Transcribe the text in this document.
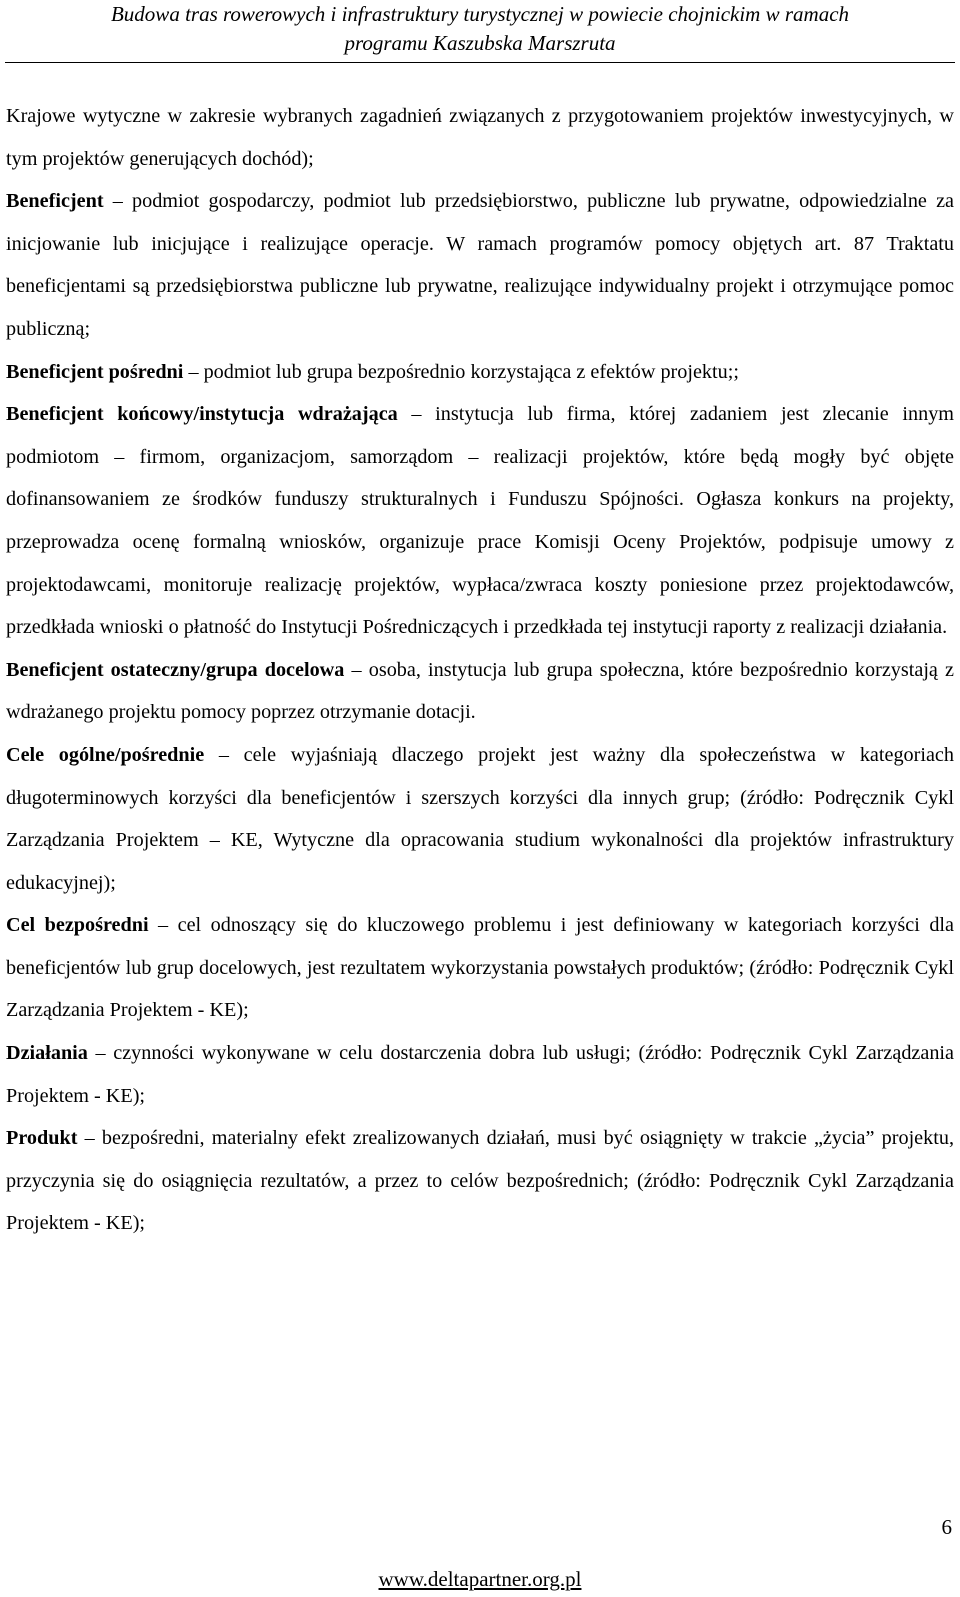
Budowa tras rowerowych i infrastruktury turystycznej w powiecie chojnickim w ramach
programu Kaszubska Marszruta

Krajowe wytyczne w zakresie wybranych zagadnień związanych z przygotowaniem projektów inwestycyjnych, w tym projektów generujących dochód);

Beneficjent – podmiot gospodarczy, podmiot lub przedsiębiorstwo, publiczne lub prywatne, odpowiedzialne za inicjowanie lub inicjujące i realizujące operacje. W ramach programów pomocy objętych art. 87 Traktatu beneficjentami są przedsiębiorstwa publiczne lub prywatne, realizujące indywidualny projekt i otrzymujące pomoc publiczną;

Beneficjent pośredni – podmiot lub grupa bezpośrednio korzystająca z efektów projektu;;

Beneficjent końcowy/instytucja wdrażająca – instytucja lub firma, której zadaniem jest zlecanie innym podmiotom – firmom, organizacjom, samorządom – realizacji projektów, które będą mogły być objęte dofinansowaniem ze środków funduszy strukturalnych i Funduszu Spójności. Ogłasza konkurs na projekty, przeprowadza ocenę formalną wniosków, organizuje prace Komisji Oceny Projektów, podpisuje umowy z projektodawcami, monitoruje realizację projektów, wypłaca/zwraca koszty poniesione przez projektodawców, przedkłada wnioski o płatność do Instytucji Pośredniczących i przedkłada tej instytucji raporty z realizacji działania.

Beneficjent ostateczny/grupa docelowa – osoba, instytucja lub grupa społeczna, które bezpośrednio korzystają z wdrażanego projektu pomocy poprzez otrzymanie dotacji.

Cele ogólne/pośrednie – cele wyjaśniają dlaczego projekt jest ważny dla społeczeństwa w kategoriach długoterminowych korzyści dla beneficjentów i szerszych korzyści dla innych grup; (źródło: Podręcznik Cykl Zarządzania Projektem – KE, Wytyczne dla opracowania studium wykonalności dla projektów infrastruktury edukacyjnej);

Cel bezpośredni – cel odnoszący się do kluczowego problemu i jest definiowany w kategoriach korzyści dla beneficjentów lub grup docelowych, jest rezultatem wykorzystania powstałych produktów; (źródło: Podręcznik Cykl Zarządzania Projektem - KE);

Działania – czynności wykonywane w celu dostarczenia dobra lub usługi; (źródło: Podręcznik Cykl Zarządzania Projektem - KE);

Produkt – bezpośredni, materialny efekt zrealizowanych działań, musi być osiągnięty w trakcie „życia” projektu, przyczynia się do osiągnięcia rezultatów, a przez to celów bezpośrednich; (źródło: Podręcznik Cykl Zarządzania Projektem - KE);

6
www.deltapartner.org.pl
